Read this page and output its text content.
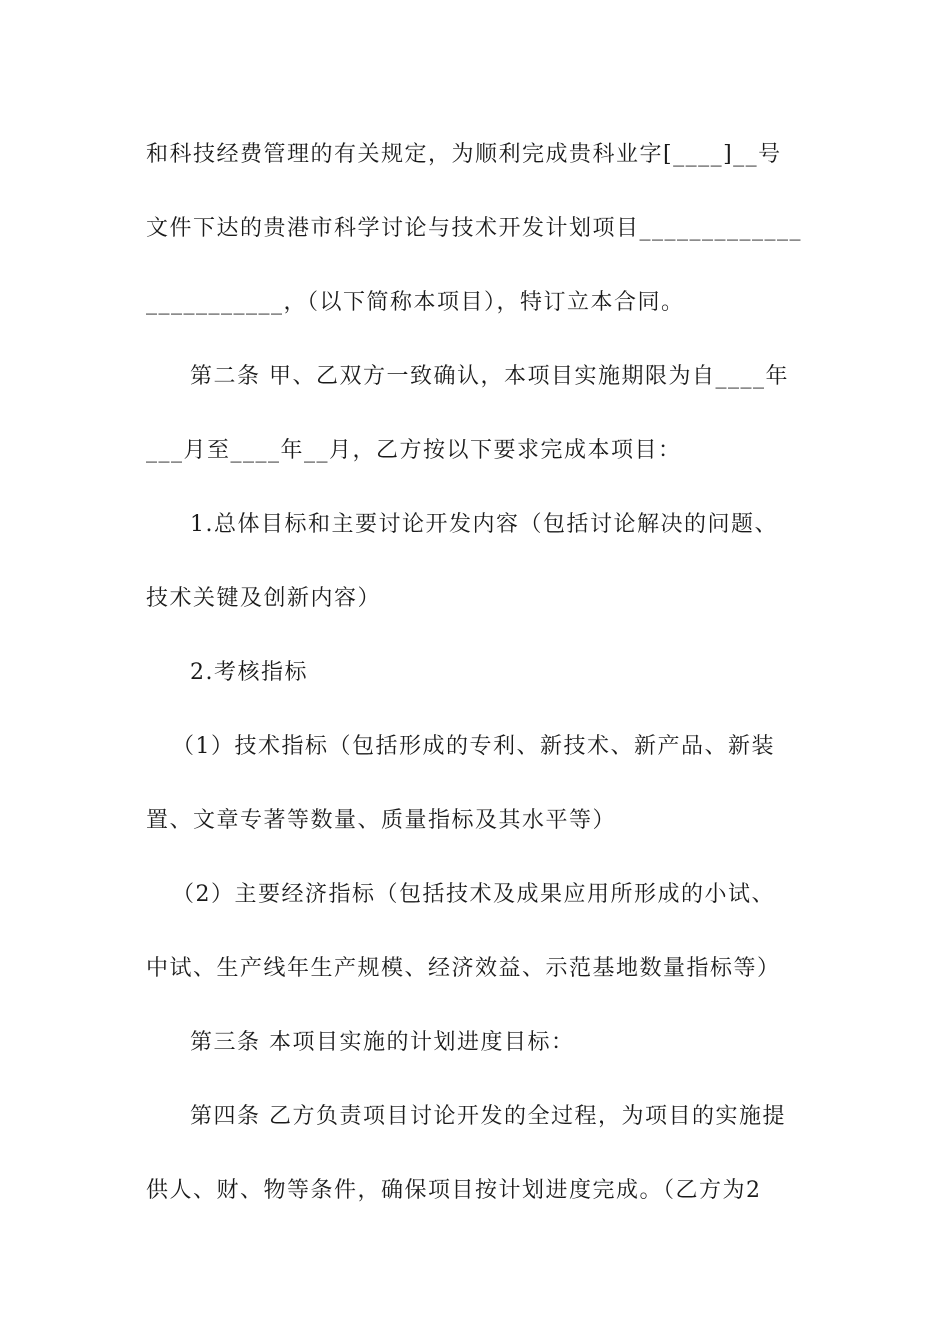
和科技经费管理的有关规定，为顺利完成贵科业字[____]__号
文件下达的贵港市科学讨论与技术开发计划项目_____________
___________，（以下简称本项目），特订立本合同。
第二条 甲、乙双方一致确认，本项目实施期限为自____年
___月至____年__月，乙方按以下要求完成本项目：
1.总体目标和主要讨论开发内容（包括讨论解决的问题、
技术关键及创新内容）
2.考核指标
（1）技术指标（包括形成的专利、新技术、新产品、新装
置、文章专著等数量、质量指标及其水平等）
（2）主要经济指标（包括技术及成果应用所形成的小试、
中试、生产线年生产规模、经济效益、示范基地数量指标等）
第三条 本项目实施的计划进度目标：
第四条 乙方负责项目讨论开发的全过程，为项目的实施提
供人、财、物等条件，确保项目按计划进度完成。（乙方为2
